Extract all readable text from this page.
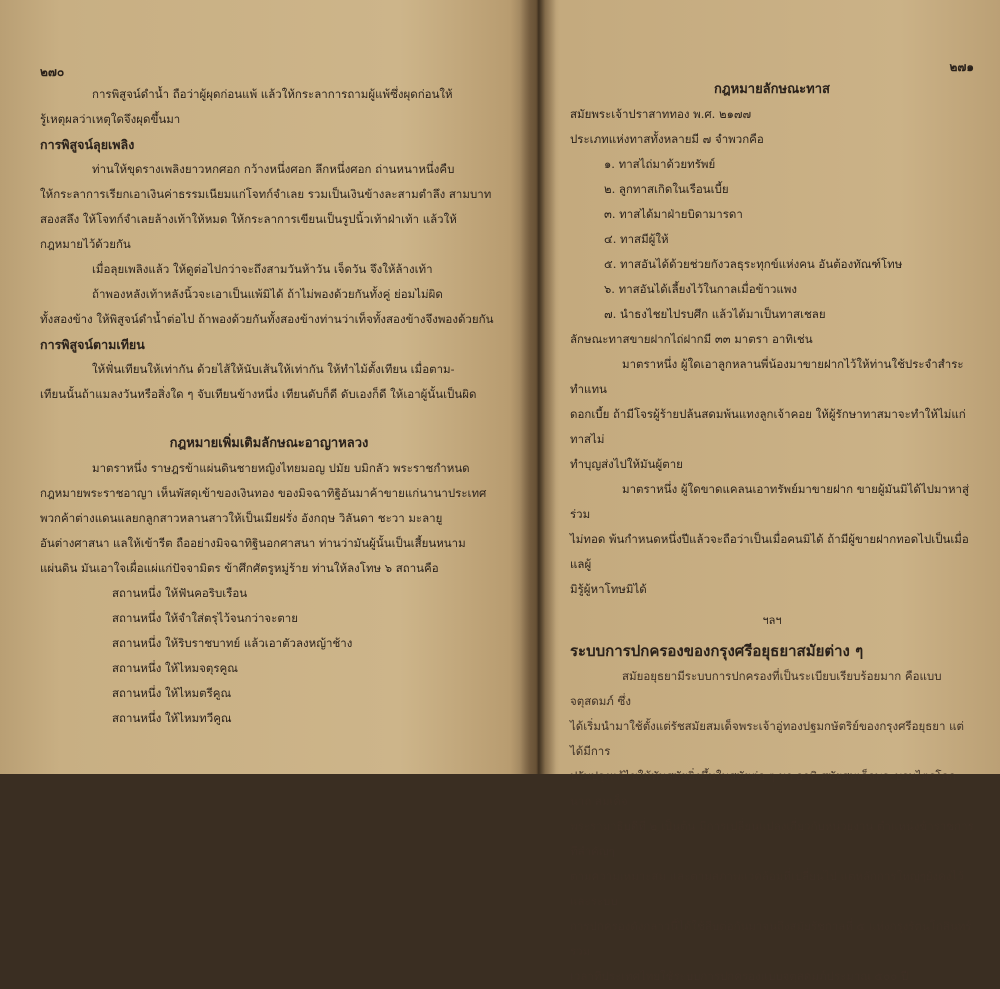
๒๗๐

การพิสูจน์ดำน้ำ ถือว่าผู้ผุดก่อนแพ้ แล้วให้กระลาการถามผู้แพ้ซึ่งผุดก่อนให้

รู้เหตุผลว่าเหตุใดจึงผุดขึ้นมา

การพิสูจน์ลุยเพลิง

ท่านให้ขุดรางเพลิงยาวหกศอก กว้างหนึ่งศอก ลึกหนึ่งศอก ถ่านหนาหนึ่งคืบ

ให้กระลาการเรียกเอาเงินค่าธรรมเนียมแก่โจทก์จำเลย รวมเป็นเงินข้างละสามตำลึง สามบาท

สองสลึง ให้โจทก์จำเลยล้างเท้าให้หมด ให้กระลาการเขียนเป็นรูปนิ้วเท้าฝ่าเท้า แล้วให้

กฎหมายไว้ด้วยกัน

เมื่อลุยเพลิงแล้ว ให้ดูต่อไปกว่าจะถึงสามวันห้าวัน เจ็ดวัน จึงให้ล้างเท้า

ถ้าพองหลังเท้าหลังนิ้วจะเอาเป็นแพ้มิได้ ถ้าไม่พองด้วยกันทั้งคู่ ย่อมไม่ผิด

ทั้งสองข้าง ให้พิสูจน์ดำน้ำต่อไป ถ้าพองด้วยกันทั้งสองข้างท่านว่าเท็จทั้งสองข้างจึงพองด้วยกัน

การพิสูจน์ตามเทียน

ให้ฟั่นเทียนให้เท่ากัน ด้วยไส้ให้นับเส้นให้เท่ากัน ให้ทำไม้ตั้งเทียน เมื่อตาม-

เทียนนั้นถ้าแมลงวันหรือสิ่งใด ๆ จับเทียนข้างหนึ่ง เทียนดับก็ดี ดับเองก็ดี ให้เอาผู้นั้นเป็นผิด

กฎหมายเพิ่มเติมลักษณะอาญาหลวง

มาตราหนึ่ง ราษฎรข้าแผ่นดินชายหญิงไทยมอญ ปมัย บมิกลัว พระราชกำหนด

กฎหมายพระราชอาญา เห็นพัสดุเข้าของเงินทอง ของมิจฉาทิฐิอันมาค้าขายแก่นานาประเทศ

พวกค้าต่างแดนแลยกลูกสาวหลานสาวให้เป็นเมียฝรั่ง อังกฤษ วิลันดา ชะวา มะลายู

อันต่างศาสนา แลให้เข้ารีต ถืออย่างมิจฉาทิฐินอกศาสนา ท่านว่ามันผู้นั้นเป็นเสี้ยนหนาม

แผ่นดิน มันเอาใจเผื่อแผ่แก่ปัจจามิตร ข้าศึกศัตรูหมู่ร้าย ท่านให้ลงโทษ ๖ สถานคือ

สถานหนึ่ง ให้ฟันคอริบเรือน

สถานหนึ่ง ให้จำใส่ตรุไว้จนกว่าจะตาย

สถานหนึ่ง ให้ริบราชบาทย์ แล้วเอาตัวลงหญ้าช้าง

สถานหนึ่ง ให้ไหมจตุรคูณ

สถานหนึ่ง ให้ไหมตรีคูณ

สถานหนึ่ง ให้ไหมทวีคูณ

๒๗๑

กฎหมายลักษณะทาส

สมัยพระเจ้าปราสาททอง พ.ศ. ๒๑๗๗

ประเภทแห่งทาสทั้งหลายมี ๗ จำพวกคือ

๑. ทาสไถ่มาด้วยทรัพย์

๒. ลูกทาสเกิดในเรือนเบี้ย

๓. ทาสได้มาฝ่ายบิดามารดา

๔. ทาสมีผู้ให้

๕. ทาสอันได้ด้วยช่วยกังวลธุระทุกข์แห่งคน อันต้องทัณฑ์โทษ

๖. ทาสอันได้เลี้ยงไว้ในกาลเมื่อข้าวแพง

๗. นำธงไชยไปรบศึก แล้วได้มาเป็นทาสเชลย

ลักษณะทาสขายฝากไถ่ฝากมี ๓๓ มาตรา อาทิเช่น

มาตราหนึ่ง ผู้ใดเอาลูกหลานพี่น้องมาขายฝากไว้ให้ท่านใช้ประจำสำระทำแทน

ดอกเบี้ย ถ้ามีโจรผู้ร้ายปล้นสดมพ้นแทงลูกเจ้าคอย ให้ผู้รักษาทาสมาจะทำให้ไม่แก่ทาสไม่

ทำบุญส่งไปให้มันผู้ตาย

มาตราหนึ่ง ผู้ใดขาดแคลนเอาทรัพย์มาขายฝาก ขายผู้มันมิได้ไปมาหาสู่ ร่วม

ไม่ทอด พ้นกำหนดหนึ่งปีแล้วจะถือว่าเป็นเมื่อคนมิได้ ถ้ามีผู้ขายฝากทอดไปเป็นเมื่อแลผู้

มิรู้ผู้หาโทษมิได้

ฯลฯ

ระบบการปกครองของกรุงศรีอยุธยาสมัยต่าง ๆ

สมัยอยุธยามีระบบการปกครองที่เป็นระเบียบเรียบร้อยมาก คือแบบจตุสดมภ์ ซึ่ง

ได้เริ่มนำมาใช้ตั้งแต่รัชสมัยสมเด็จพระเจ้าอู่ทองปฐมกษัตริย์ของกรุงศรีอยุธยา แต่ได้มีการ

ปรับปรุงแก้ไขให้ทันสมัยยิ่งขึ้นในสมัยต่อ ๆ มา อาทิ สมัยสมเด็จพระบรมไตรโลกนาถ สมเด็จ

พระรามาธิบดีที่ ๒ เป็นต้น มีการเปลี่ยนแปลงเกี่ยวกับหน่วยงาน ตำแหน่งข้าราชการที่สำคัญๆ

ตามความเหมาะสม และตามสภาพแวดล้อมที่เปลี่ยนไป แต่หลักการใหญ่ๆยังคงไว้และระบบ

การปกครองดังกล่าวนี้ได้ใช้สืบต่อกันมาจนถึงสมัยรัชกาลที่ ๕ แห่งกรุงรัตนโกสินทร์ รวม

เวลาที่ประเทศไทยใช้ระบบการปกครองแบบจตุสดมภ์ประมาณ ๕๐๐ ปี
